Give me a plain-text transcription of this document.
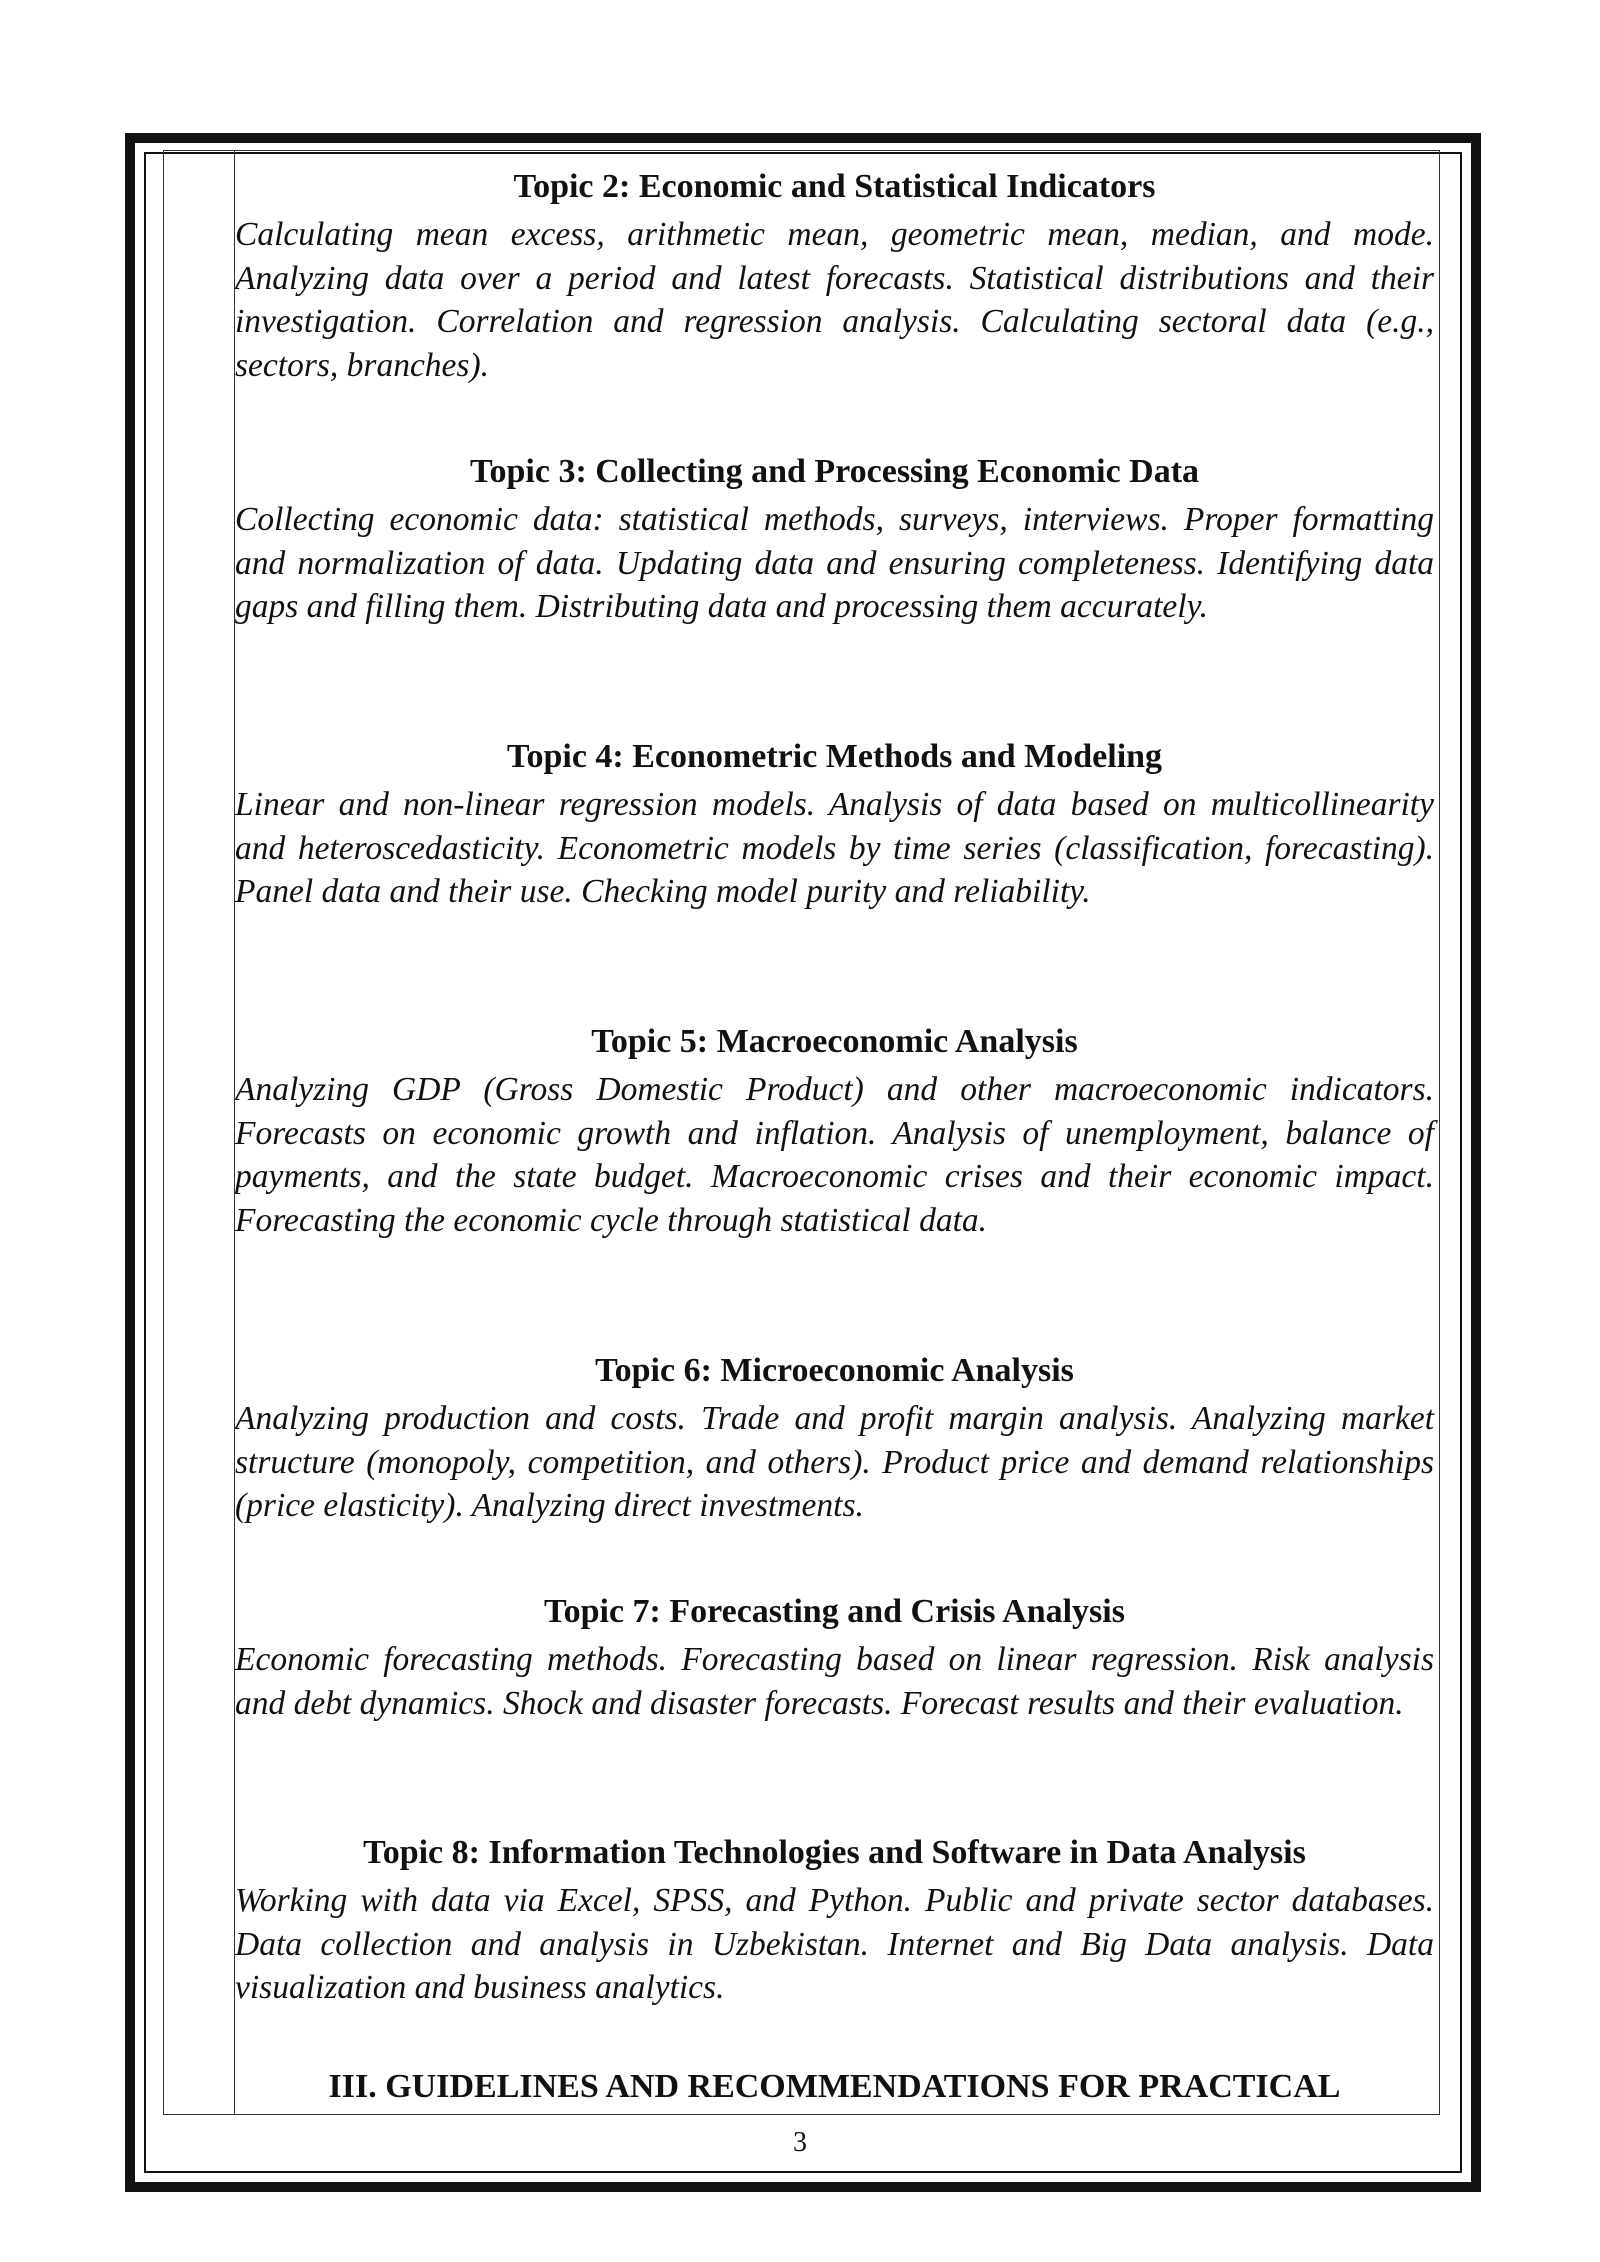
Topic 2: Economic and Statistical Indicators

Calculating mean excess, arithmetic mean, geometric mean, median, and mode. Analyzing data over a period and latest forecasts. Statistical distributions and their investigation. Correlation and regression analysis. Calculating sectoral data (e.g., sectors, branches).

Topic 3: Collecting and Processing Economic Data

Collecting economic data: statistical methods, surveys, interviews. Proper formatting and normalization of data. Updating data and ensuring completeness. Identifying data gaps and filling them. Distributing data and processing them accurately.

Topic 4: Econometric Methods and Modeling

Linear and non-linear regression models. Analysis of data based on multicollinearity and heteroscedasticity. Econometric models by time series (classification, forecasting). Panel data and their use. Checking model purity and reliability.

Topic 5: Macroeconomic Analysis

Analyzing GDP (Gross Domestic Product) and other macroeconomic indicators. Forecasts on economic growth and inflation. Analysis of unemployment, balance of payments, and the state budget. Macroeconomic crises and their economic impact. Forecasting the economic cycle through statistical data.

Topic 6: Microeconomic Analysis

Analyzing production and costs. Trade and profit margin analysis. Analyzing market structure (monopoly, competition, and others). Product price and demand relationships (price elasticity). Analyzing direct investments.

Topic 7: Forecasting and Crisis Analysis

Economic forecasting methods. Forecasting based on linear regression. Risk analysis and debt dynamics. Shock and disaster forecasts. Forecast results and their evaluation.

Topic 8: Information Technologies and Software in Data Analysis

Working with data via Excel, SPSS, and Python. Public and private sector databases. Data collection and analysis in Uzbekistan. Internet and Big Data analysis. Data visualization and business analytics.

III. GUIDELINES AND RECOMMENDATIONS FOR PRACTICAL
3
